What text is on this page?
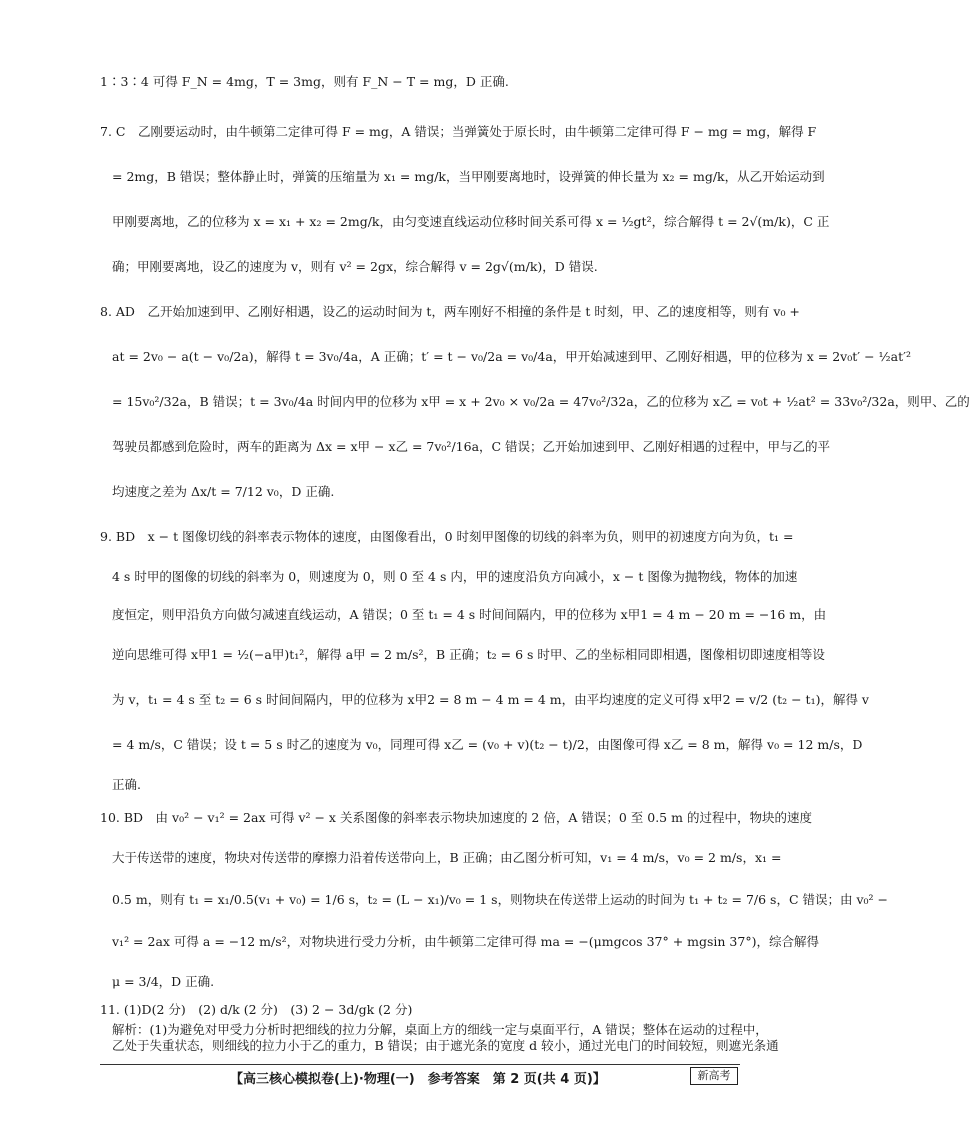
1∶3∶4 可得 F_N = 4mg，T = 3mg，则有 F_N − T = mg，D 正确.
7. C　乙刚要运动时，由牛顿第二定律可得 F = mg，A 错误；当弹簧处于原长时，由牛顿第二定律可得 F − mg = mg，解得 F
= 2mg，B 错误；整体静止时，弹簧的压缩量为 x₁ = mg/k，当甲刚要离地时，设弹簧的伸长量为 x₂ = mg/k，从乙开始运动到
甲刚要离地，乙的位移为 x = x₁ + x₂ = 2mg/k，由匀变速直线运动位移时间关系可得 x = ½gt²，综合解得 t = 2√(m/k)，C 正
确；甲刚要离地，设乙的速度为 v，则有 v² = 2gx，综合解得 v = 2g√(m/k)，D 错误.
8. AD　乙开始加速到甲、乙刚好相遇，设乙的运动时间为 t，两车刚好不相撞的条件是 t 时刻，甲、乙的速度相等，则有 v₀ +
at = 2v₀ − a(t − v₀/2a)，解得 t = 3v₀/4a，A 正确；t′ = t − v₀/2a = v₀/4a，甲开始减速到甲、乙刚好相遇，甲的位移为 x = 2v₀t′ − ½at′²
= 15v₀²/32a，B 错误；t = 3v₀/4a 时间内甲的位移为 x甲 = x + 2v₀ × v₀/2a = 47v₀²/32a，乙的位移为 x乙 = v₀t + ½at² = 33v₀²/32a，则甲、乙的
驾驶员都感到危险时，两车的距离为 Δx = x甲 − x乙 = 7v₀²/16a，C 错误；乙开始加速到甲、乙刚好相遇的过程中，甲与乙的平
均速度之差为 Δx/t = 7/12 v₀，D 正确.
9. BD　x − t 图像切线的斜率表示物体的速度，由图像看出，0 时刻甲图像的切线的斜率为负，则甲的初速度方向为负，t₁ =
4 s 时甲的图像的切线的斜率为 0，则速度为 0，则 0 至 4 s 内，甲的速度沿负方向减小，x − t 图像为抛物线，物体的加速
度恒定，则甲沿负方向做匀减速直线运动，A 错误；0 至 t₁ = 4 s 时间间隔内，甲的位移为 x甲1 = 4 m − 20 m = −16 m，由
逆向思维可得 x甲1 = ½(−a甲)t₁²，解得 a甲 = 2 m/s²，B 正确；t₂ = 6 s 时甲、乙的坐标相同即相遇，图像相切即速度相等设
为 v，t₁ = 4 s 至 t₂ = 6 s 时间间隔内，甲的位移为 x甲2 = 8 m − 4 m = 4 m，由平均速度的定义可得 x甲2 = v/2 (t₂ − t₁)，解得 v
= 4 m/s，C 错误；设 t = 5 s 时乙的速度为 v₀，同理可得 x乙 = (v₀ + v)(t₂ − t)/2，由图像可得 x乙 = 8 m，解得 v₀ = 12 m/s，D
正确.
10. BD　由 v₀² − v₁² = 2ax 可得 v² − x 关系图像的斜率表示物块加速度的 2 倍，A 错误；0 至 0.5 m 的过程中，物块的速度
大于传送带的速度，物块对传送带的摩擦力沿着传送带向上，B 正确；由乙图分析可知，v₁ = 4 m/s，v₀ = 2 m/s，x₁ =
0.5 m，则有 t₁ = x₁/0.5(v₁ + v₀) = 1/6 s，t₂ = (L − x₁)/v₀ = 1 s，则物块在传送带上运动的时间为 t₁ + t₂ = 7/6 s，C 错误；由 v₀² −
v₁² = 2ax 可得 a = −12 m/s²，对物块进行受力分析，由牛顿第二定律可得 ma = −(μmgcos 37° + mgsin 37°)，综合解得
μ = 3/4，D 正确.
11. (1)D(2 分)　(2) d/k (2 分)　(3) 2 − 3d/gk (2 分)
解析：(1)为避免对甲受力分析时把细线的拉力分解，桌面上方的细线一定与桌面平行，A 错误；整体在运动的过程中，
乙处于失重状态，则细线的拉力小于乙的重力，B 错误；由于遮光条的宽度 d 较小，通过光电门的时间较短，则遮光条通
【高三核心模拟卷(上)·物理(一)　参考答案　第 2 页(共 4 页)】	新高考
